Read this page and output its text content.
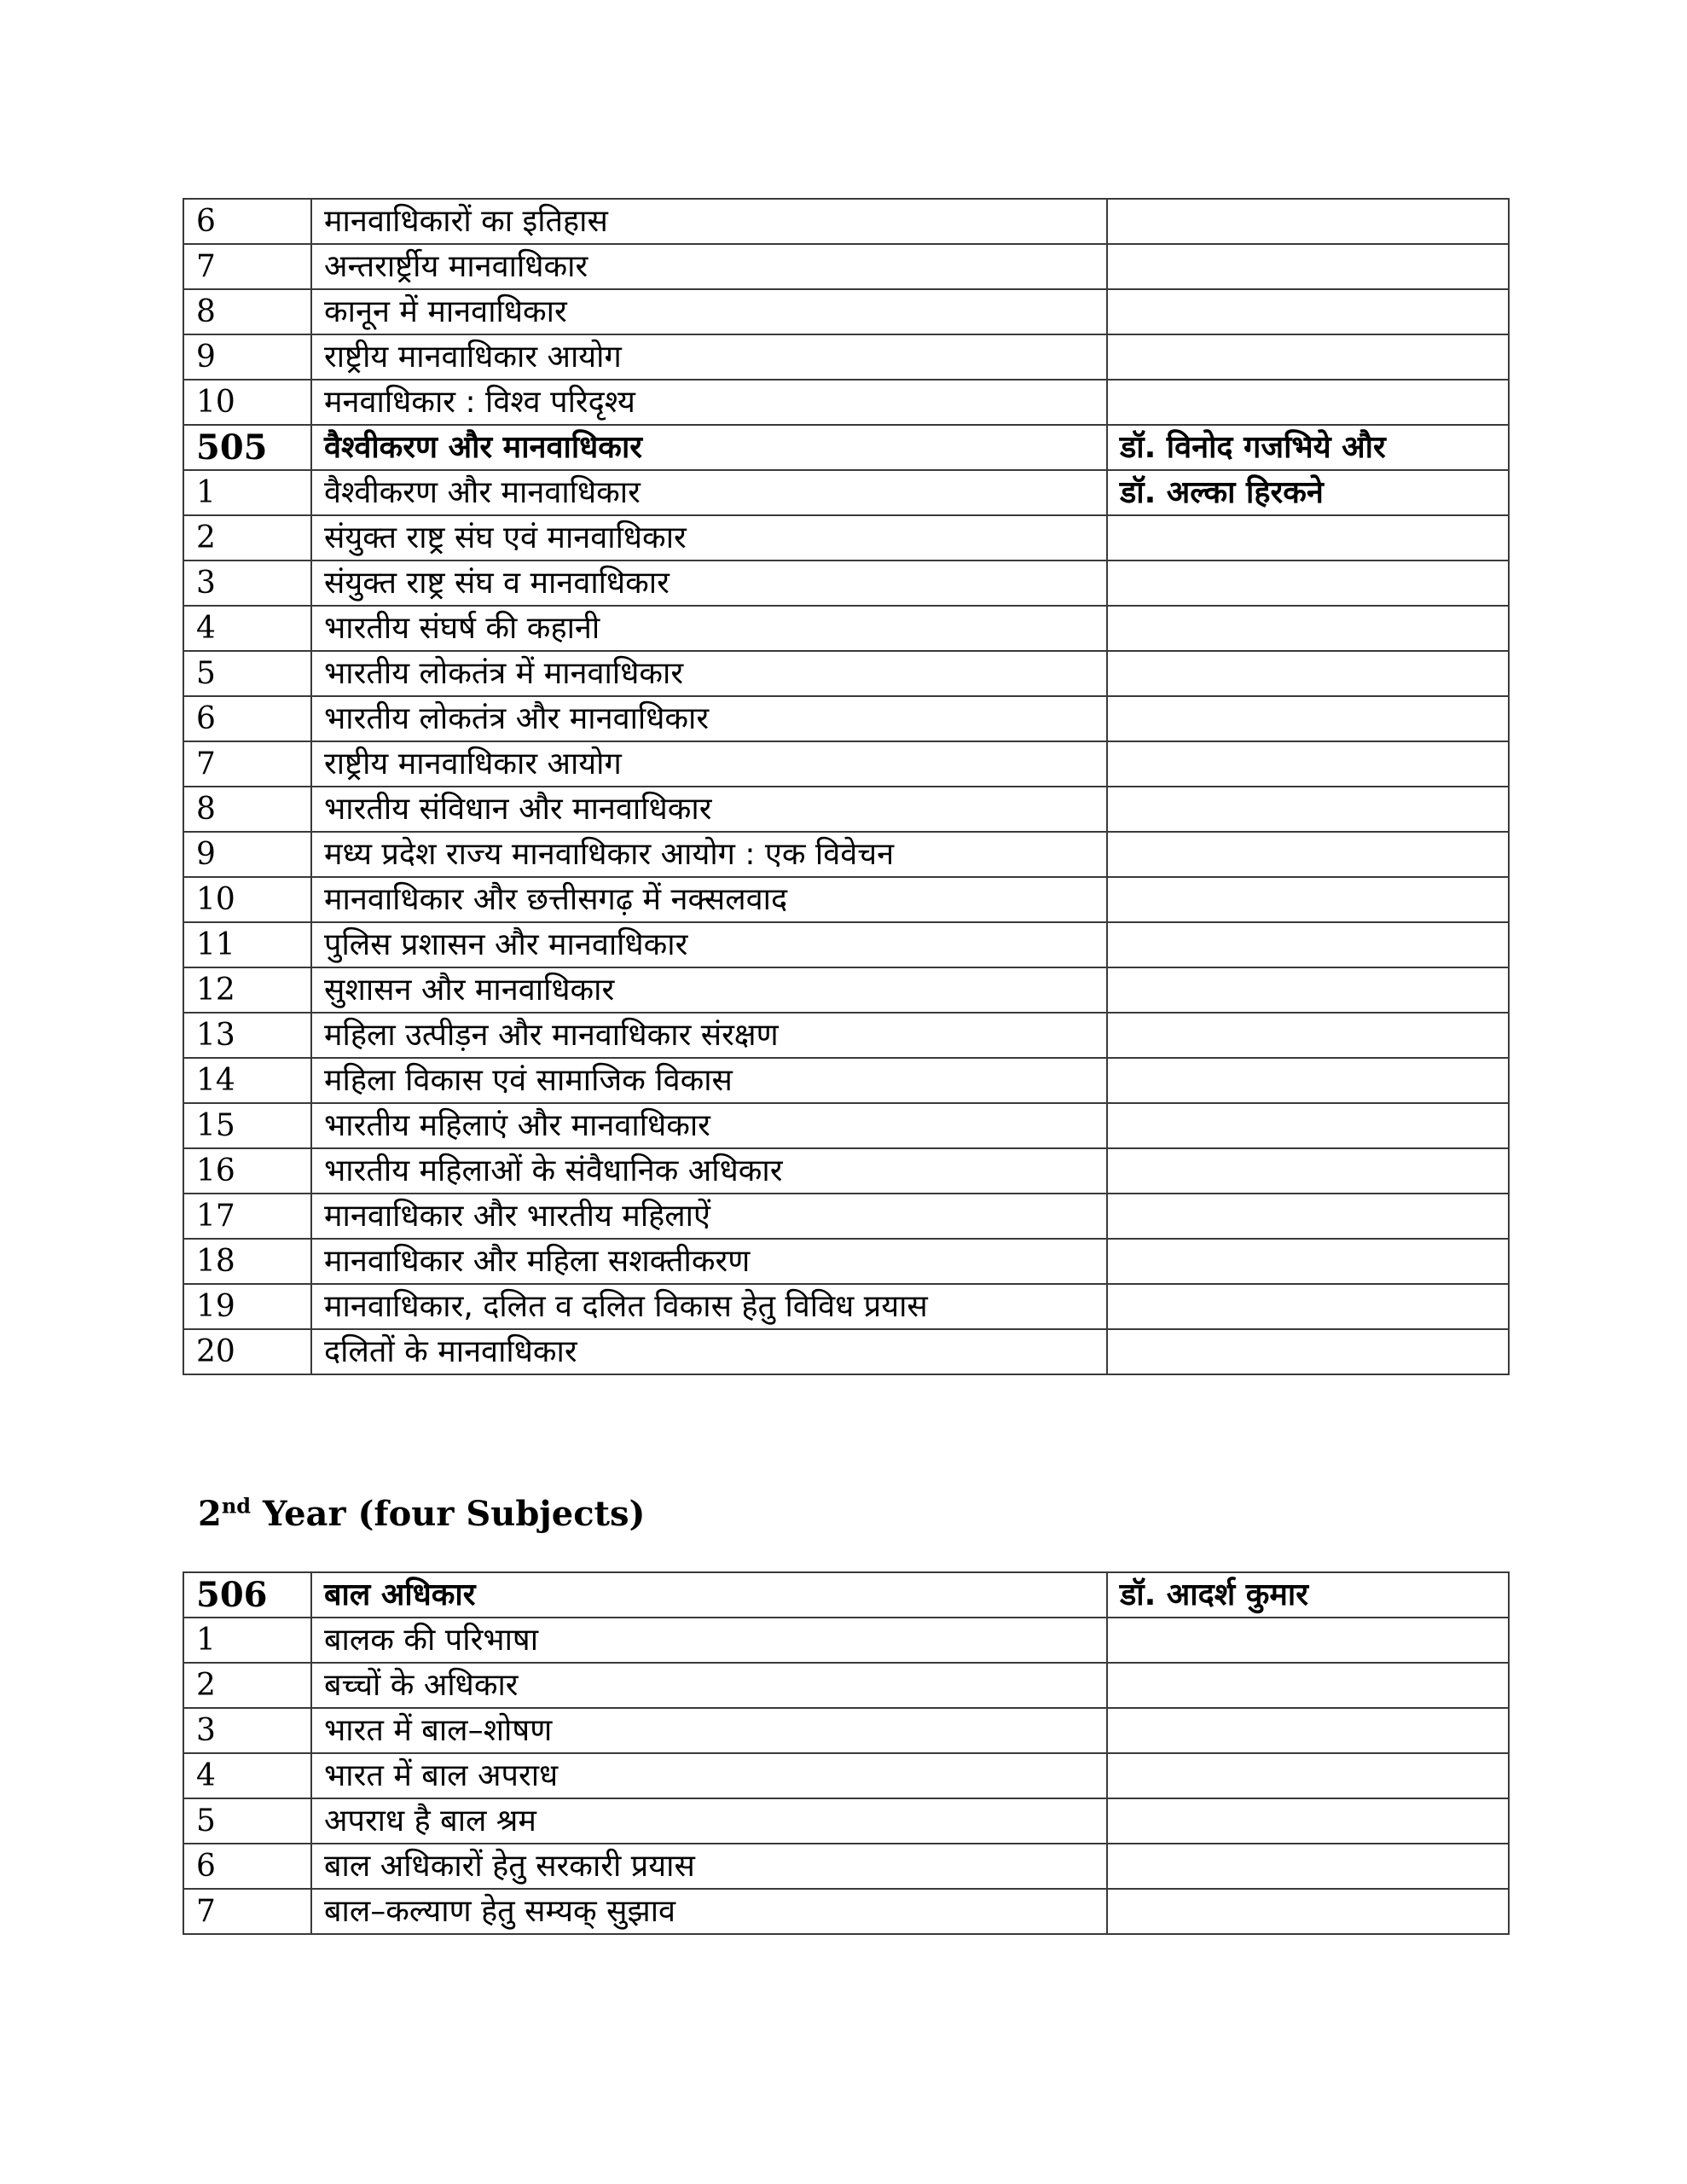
6	मानवाधिकारों का इतिहास	
7	अन्तरार्ष्ट्रीय मानवाधिकार	
8	कानून में मानवाधिकार	
9	राष्ट्रीय मानवाधिकार आयोग	
10	मनवाधिकार : विश्व परिदृश्य	
505	वैश्वीकरण और मानवाधिकार	डॉ. विनोद गजभिये और
1	वैश्वीकरण और मानवाधिकार	डॉ. अल्का हिरकने
2	संयुक्त राष्ट्र संघ एवं मानवाधिकार	
3	संयुक्त राष्ट्र संघ व मानवाधिकार	
4	भारतीय संघर्ष की कहानी	
5	भारतीय लोकतंत्र में मानवाधिकार	
6	भारतीय लोकतंत्र और मानवाधिकार	
7	राष्ट्रीय मानवाधिकार आयोग	
8	भारतीय संविधान और मानवाधिकार	
9	मध्य प्रदेश राज्य मानवाधिकार आयोग : एक विवेचन	
10	मानवाधिकार और छत्तीसगढ़ में नक्सलवाद	
11	पुलिस प्रशासन और मानवाधिकार	
12	सुशासन और मानवाधिकार	
13	महिला उत्पीड़न और मानवाधिकार संरक्षण	
14	महिला विकास एवं सामाजिक विकास	
15	भारतीय महिलाएं और मानवाधिकार	
16	भारतीय महिलाओं के संवैधानिक अधिकार	
17	मानवाधिकार और भारतीय महिलाऐं	
18	मानवाधिकार और महिला सशक्तीकरण	
19	मानवाधिकार, दलित व दलित विकास हेतु विविध प्रयास	
20	दलितों के मानवाधिकार	
2nd Year (four Subjects)
506	बाल अधिकार	डॉ. आदर्श कुमार
1	बालक की परिभाषा	
2	बच्चों के अधिकार	
3	भारत में बाल–शोषण	
4	भारत में बाल अपराध	
5	अपराध है बाल श्रम	
6	बाल अधिकारों हेतु सरकारी प्रयास	
7	बाल–कल्याण हेतु सम्यक् सुझाव	
